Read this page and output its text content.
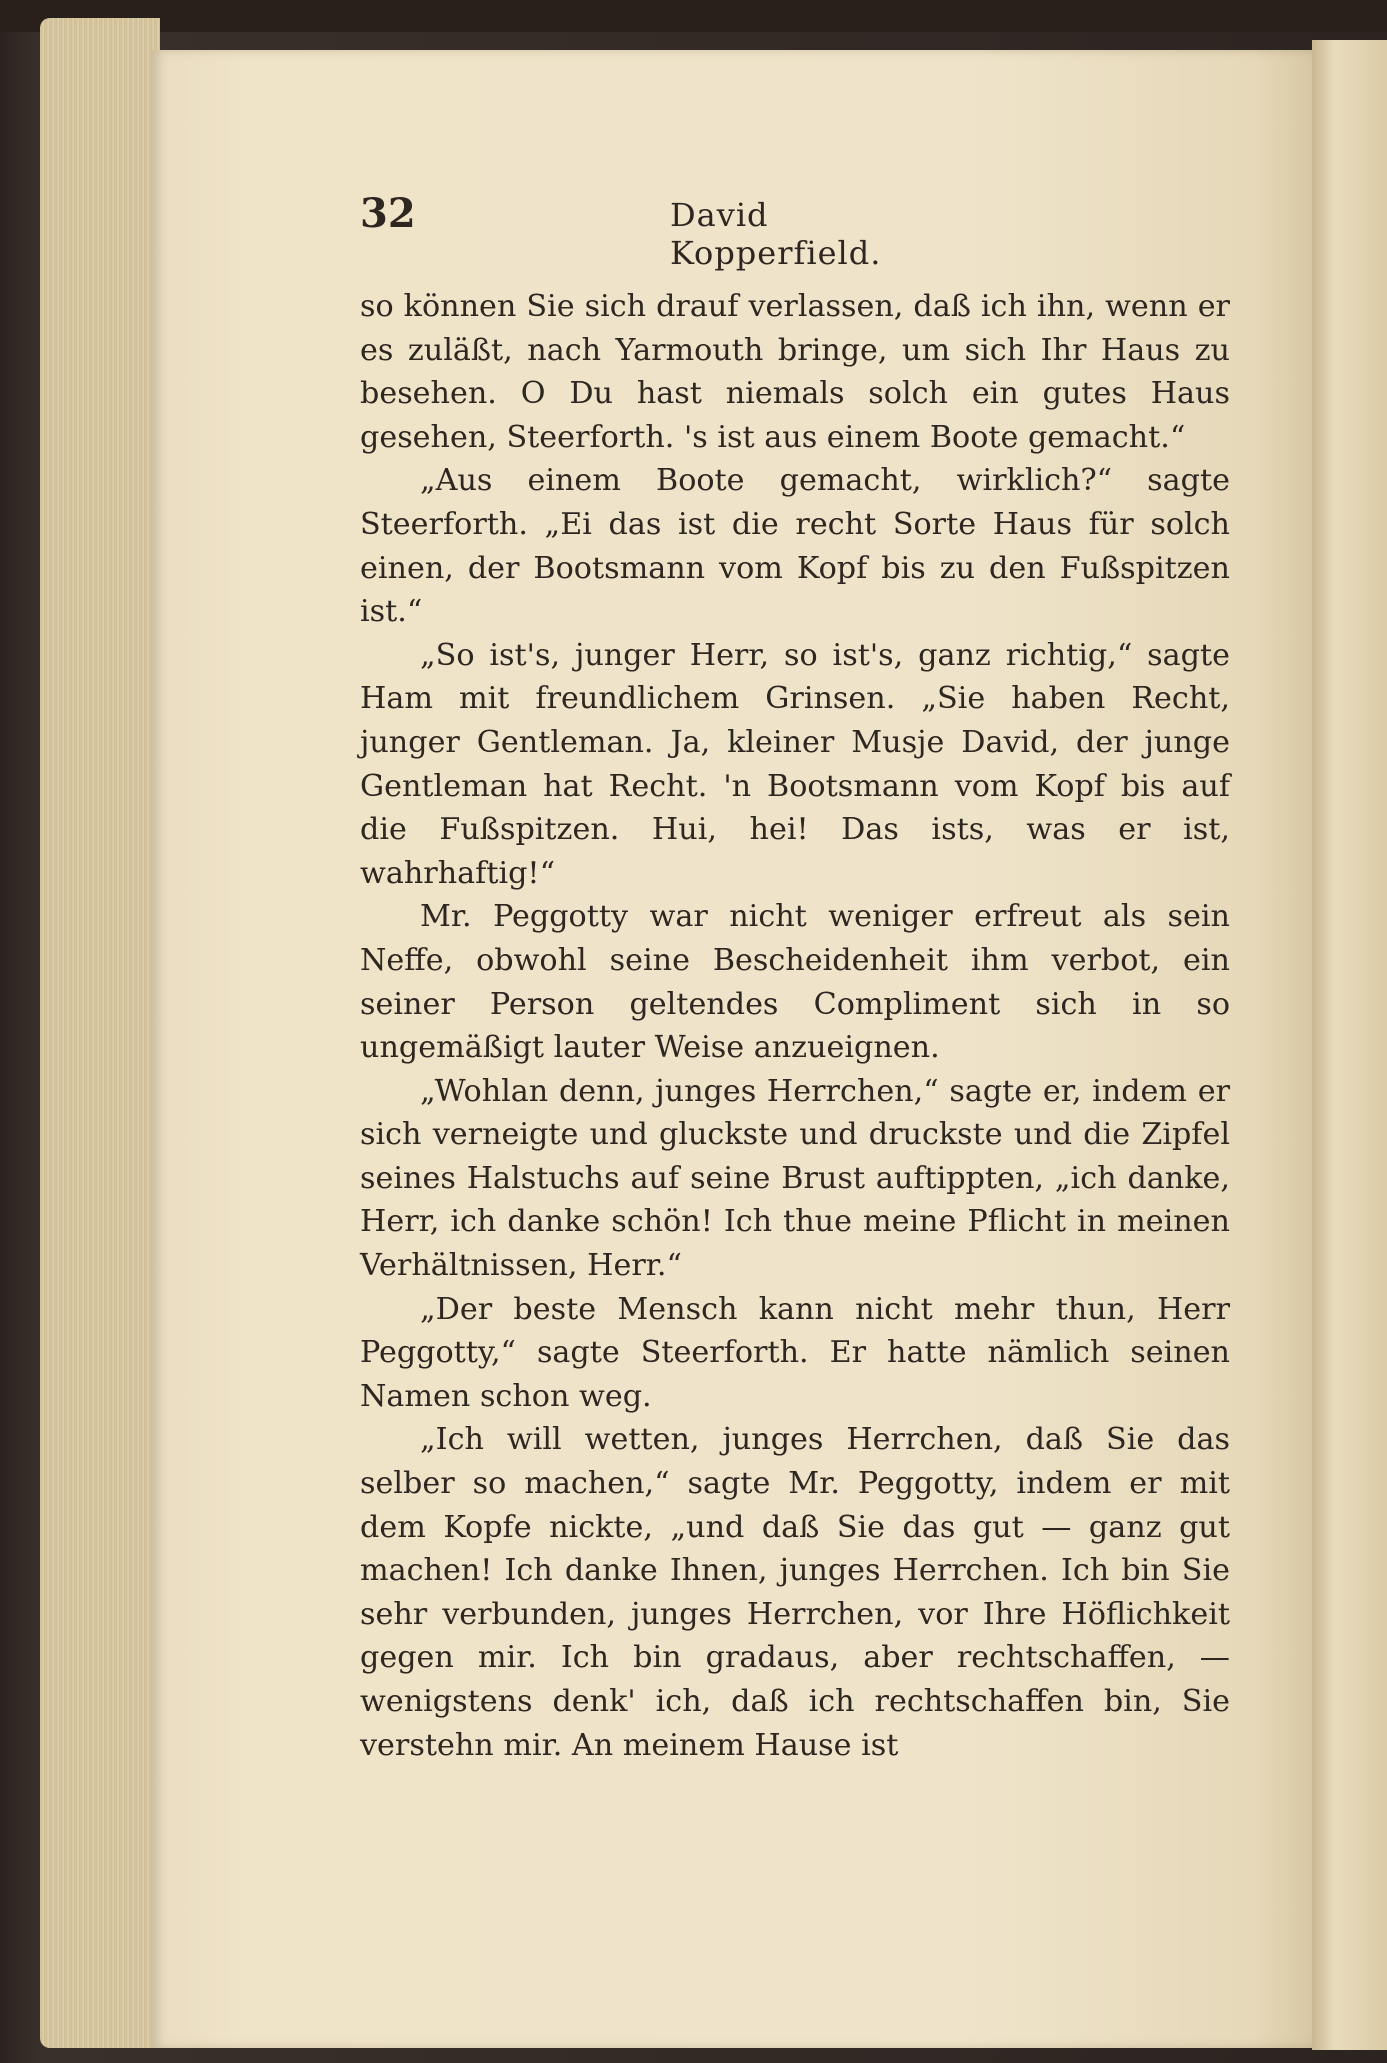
32	David Kopperfield.

so können Sie sich drauf verlassen, daß ich ihn, wenn er es zuläßt, nach Yarmouth bringe, um sich Ihr Haus zu besehen. O Du hast niemals solch ein gutes Haus gesehen, Steerforth. 's ist aus einem Boote gemacht.“

„Aus einem Boote gemacht, wirklich?“ sagte Steerforth. „Ei das ist die recht Sorte Haus für solch einen, der Bootsmann vom Kopf bis zu den Fußspitzen ist.“

„So ist's, junger Herr, so ist's, ganz richtig,“ sagte Ham mit freundlichem Grinsen. „Sie haben Recht, junger Gentleman. Ja, kleiner Musje David, der junge Gentleman hat Recht. 'n Bootsmann vom Kopf bis auf die Fußspitzen. Hui, hei! Das ists, was er ist, wahrhaftig!“

Mr. Peggotty war nicht weniger erfreut als sein Neffe, obwohl seine Bescheidenheit ihm verbot, ein seiner Person geltendes Compliment sich in so ungemäßigt lauter Weise anzueignen.

„Wohlan denn, junges Herrchen,“ sagte er, indem er sich verneigte und gluckste und druckste und die Zipfel seines Halstuchs auf seine Brust auftippten, „ich danke, Herr, ich danke schön! Ich thue meine Pflicht in meinen Verhältnissen, Herr.“

„Der beste Mensch kann nicht mehr thun, Herr Peggotty,“ sagte Steerforth. Er hatte nämlich seinen Namen schon weg.

„Ich will wetten, junges Herrchen, daß Sie das selber so machen,“ sagte Mr. Peggotty, indem er mit dem Kopfe nickte, „und daß Sie das gut — ganz gut machen! Ich danke Ihnen, junges Herrchen. Ich bin Sie sehr verbunden, junges Herrchen, vor Ihre Höflichkeit gegen mir. Ich bin gradaus, aber rechtschaffen, — wenigstens denk' ich, daß ich rechtschaffen bin, Sie verstehn mir. An meinem Hause ist
